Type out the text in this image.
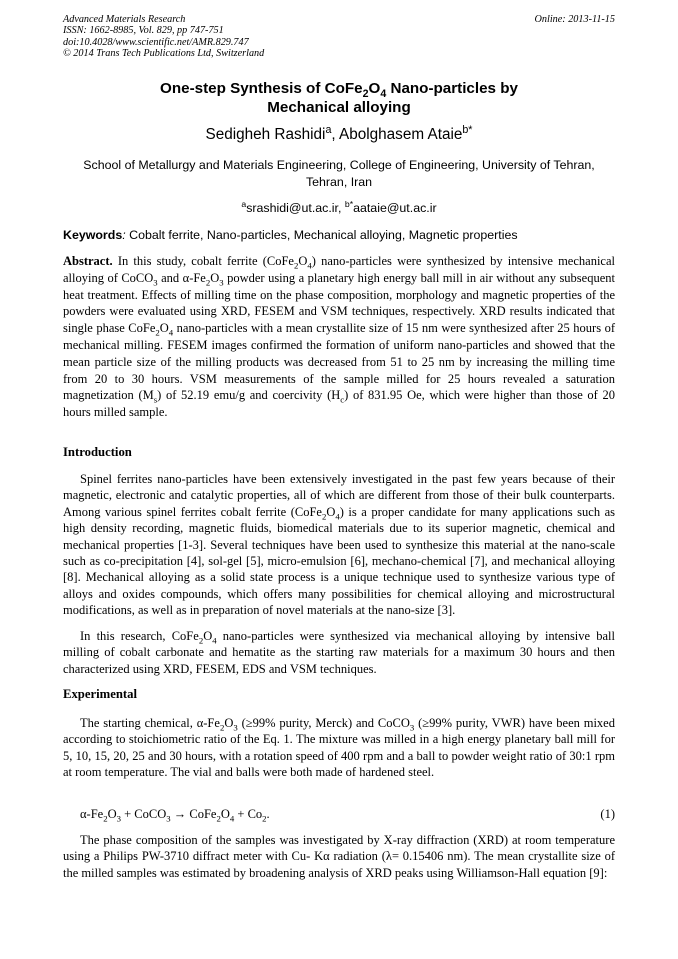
Advanced Materials Research
ISSN: 1662-8985, Vol. 829, pp 747-751
doi:10.4028/www.scientific.net/AMR.829.747
© 2014 Trans Tech Publications Ltd, Switzerland
Online: 2013-11-15
One-step Synthesis of $CoFe_2O_4$ Nano-particles by
Mechanical alloying
Sedigheh Rashidi$^a$, Abolghasem Ataie$^{b*}$
School of Metallurgy and Materials Engineering, College of Engineering, University of Tehran, Tehran, Iran
$^a$srashidi@ut.ac.ir, $^{b*}$aataie@ut.ac.ir
Keywords: Cobalt ferrite, Nano-particles, Mechanical alloying, Magnetic properties

Abstract. In this study, cobalt ferrite $(CoFe_2O_4)$ nano-particles were synthesized by intensive mechanical alloying of CoCO$_3$ and $\alpha-Fe_2O_3$ powder using a planetary high energy ball mill in air without any subsequent heat treatment. Effects of milling time on the phase composition, morphology and magnetic properties of the powders were evaluated using XRD, FESEM and VSM techniques, respectively. XRD results indicated that single phase $CoFe_2O_4$ nano-particles with a mean crystallite size of 15 nm were synthesized after 25 hours of mechanical milling. FESEM images confirmed the formation of uniform nano-particles and showed that the mean particle size of the milling products was decreased from 51 to 25 nm by increasing the milling time from 20 to 30 hours. VSM measurements of the sample milled for 25 hours revealed a saturation magnetization $(M_s)$ of 52.19 emu/g and coercivity $(H_c)$ of 831.95 Oe, which were higher than those of 20 hours milled sample.

Introduction

Spinel ferrites nano-particles have been extensively investigated in the past few years because of their magnetic, electronic and catalytic properties, all of which are different from those of their bulk counterparts. Among various spinel ferrites cobalt ferrite $(CoFe_2O_4)$ is a proper candidate for many applications such as high density recording, magnetic fluids, biomedical materials due to its superior magnetic, chemical and mechanical properties [1-3]. Several techniques have been used to synthesize this material at the nano-scale such as co-precipitation [4], sol-gel [5], micro-emulsion [6], mechano-chemical [7], and mechanical alloying [8]. Mechanical alloying as a solid state process is a unique technique used to synthesize various type of alloys and oxides compounds, which offers many possibilities for chemical alloying and microstructural modifications, as well as in preparation of novel materials at the nano-size [3].

In this research, $CoFe_2O_4$ nano-particles were synthesized via mechanical alloying by intensive ball milling of cobalt carbonate and hematite as the starting raw materials for a maximum 30 hours and then characterized using XRD, FESEM, EDS and VSM techniques.

Experimental

The starting chemical, $\alpha-Fe_2O_3$ (≥99% purity, Merck) and CoCO$_3$ (≥99% purity, VWR) have been mixed according to stoichiometric ratio of the Eq. 1. The mixture was milled in a high energy planetary ball mill for 5, 10, 15, 20, 25 and 30 hours, with a rotation speed of 400 rpm and a ball to powder weight ratio of 30:1 rpm at room temperature. The vial and balls were both made of hardened steel.

$\alpha-Fe_2O_3$ + CoCO$_3$ → $CoFe_2O_4 + Co_2$.	(1)

The phase composition of the samples was investigated by X-ray diffraction (XRD) at room temperature using a Philips PW-3710 diffract meter with Cu- Kα radiation (λ= 0.15406 nm). The mean crystallite size of the milled samples was estimated by broadening analysis of XRD peaks using Williamson-Hall equation [9]:
